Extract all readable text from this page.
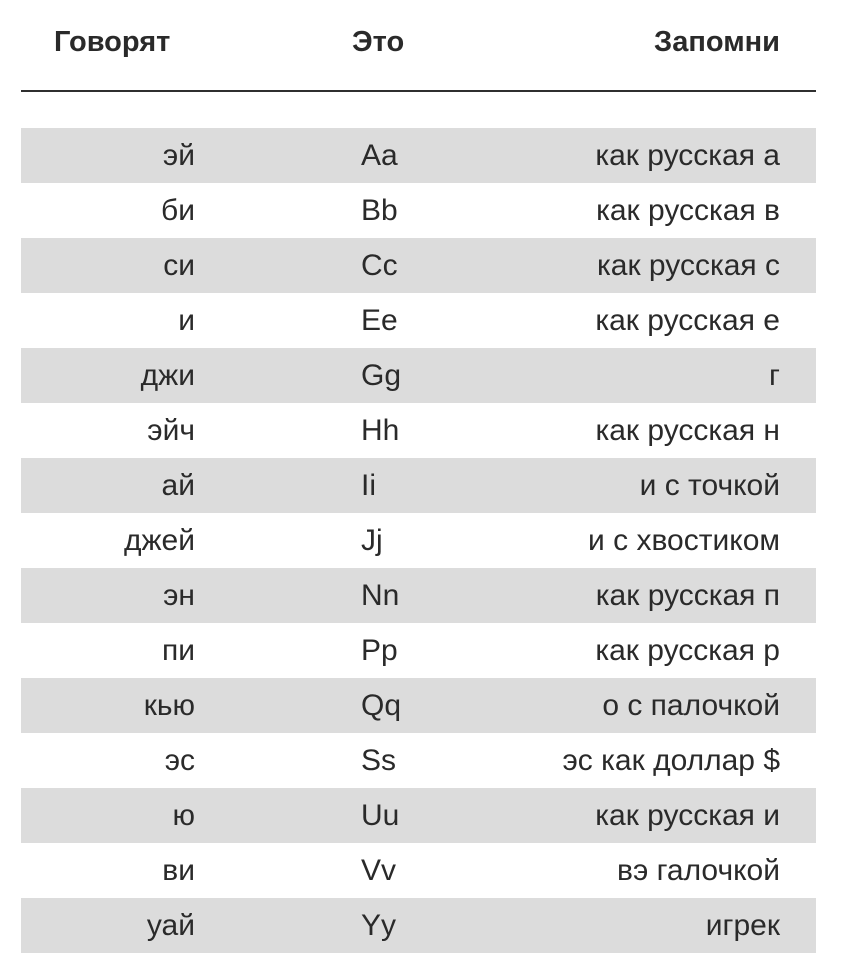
Говорят	Это	Запомни
эй	Aa	как русская а
би	Bb	как русская в
си	Cc	как русская с
и	Ee	как русская е
джи	Gg	г
эйч	Hh	как русская н
ай	Ii	и с точкой
джей	Jj	и с хвостиком
эн	Nn	как русская п
пи	Pp	как русская р
кью	Qq	о с палочкой
эс	Ss	эс как доллар $
ю	Uu	как русская и
ви	Vv	вэ галочкой
уай	Yy	игрек
